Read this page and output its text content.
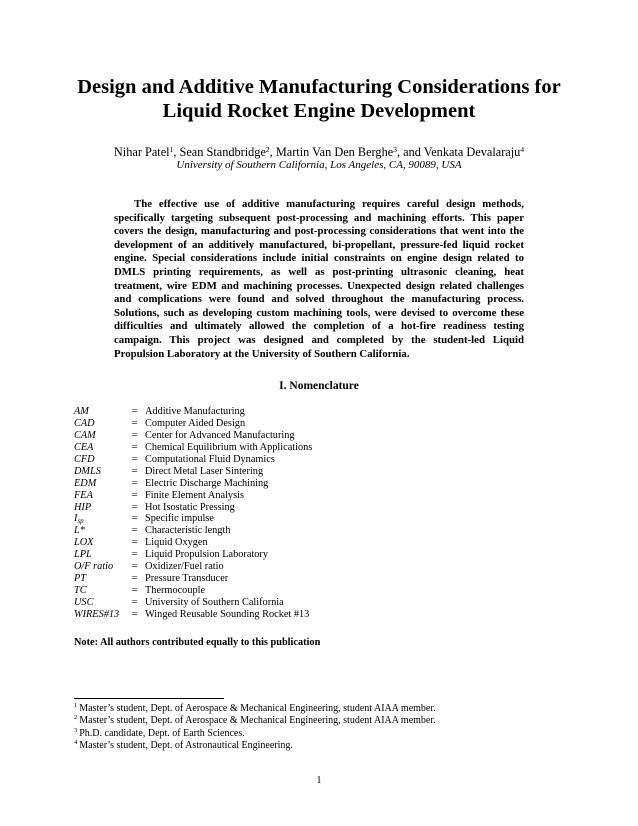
Design and Additive Manufacturing Considerations for
Liquid Rocket Engine Development
Nihar Patel$^1$, Sean Standbridge$^2$, Martin Van Den Berghe$^3$, and Venkata Devalaraju$^4$
University of Southern California, Los Angeles, CA, 90089, USA

The effective use of additive manufacturing requires careful design methods, specifically targeting subsequent post-processing and machining efforts. This paper covers the design, manufacturing and post-processing considerations that went into the development of an additively manufactured, bi-propellant, pressure-fed liquid rocket engine. Special considerations include initial constraints on engine design related to DMLS printing requirements, as well as post-printing ultrasonic cleaning, heat treatment, wire EDM and machining processes. Unexpected design related challenges and complications were found and solved throughout the manufacturing process. Solutions, such as developing custom machining tools, were devised to overcome these difficulties and ultimately allowed the completion of a hot-fire readiness testing campaign. This project was designed and completed by the student-led Liquid Propulsion Laboratory at the University of Southern California.

I. Nomenclature
AM	=	Additive Manufacturing
CAD	=	Computer Aided Design
CAM	=	Center for Advanced Manufacturing
CEA	=	Chemical Equilibrium with Applications
CFD	=	Computational Fluid Dynamics
DMLS	=	Direct Metal Laser Sintering
EDM	=	Electric Discharge Machining
FEA	=	Finite Element Analysis
HIP	=	Hot Isostatic Pressing
$I_{sp}$	=	Specific impulse
L*	=	Characteristic length
LOX	=	Liquid Oxygen
LPL	=	Liquid Propulsion Laboratory
O/F ratio	=	Oxidizer/Fuel ratio
PT	=	Pressure Transducer
TC	=	Thermocouple
USC	=	University of Southern California
WIRES#13	=	Winged Reusable Sounding Rocket #13
Note: All authors contributed equally to this publication
$^1$ Master’s student, Dept. of Aerospace & Mechanical Engineering, student AIAA member.
$^2$ Master’s student, Dept. of Aerospace & Mechanical Engineering, student AIAA member.
$^3$ Ph.D. candidate, Dept. of Earth Sciences.
$^4$ Master’s student, Dept. of Astronautical Engineering.
1
